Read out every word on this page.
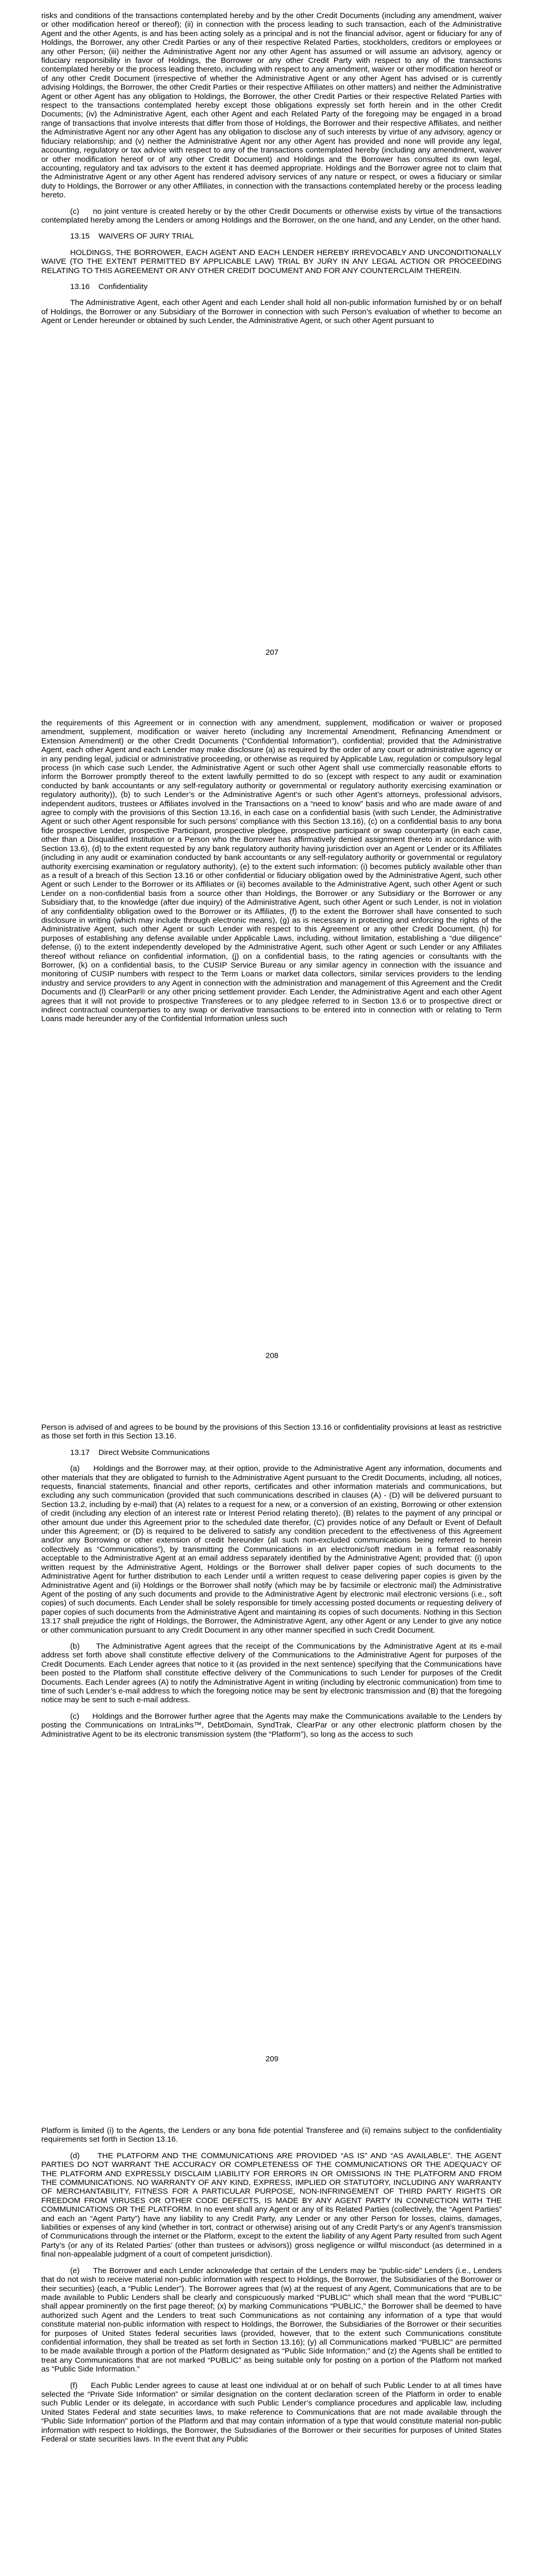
risks and conditions of the transactions contemplated hereby and by the other Credit Documents (including any amendment, waiver or other modification hereof or thereof); (ii) in connection with the process leading to such transaction, each of the Administrative Agent and the other Agents, is and has been acting solely as a principal and is not the financial advisor, agent or fiduciary for any of Holdings, the Borrower, any other Credit Parties or any of their respective Related Parties, stockholders, creditors or employees or any other Person; (iii) neither the Administrative Agent nor any other Agent has assumed or will assume an advisory, agency or fiduciary responsibility in favor of Holdings, the Borrower or any other Credit Party with respect to any of the transactions contemplated hereby or the process leading thereto, including with respect to any amendment, waiver or other modification hereof or of any other Credit Document (irrespective of whether the Administrative Agent or any other Agent has advised or is currently advising Holdings, the Borrower, the other Credit Parties or their respective Affiliates on other matters) and neither the Administrative Agent or other Agent has any obligation to Holdings, the Borrower, the other Credit Parties or their respective Related Parties with respect to the transactions contemplated hereby except those obligations expressly set forth herein and in the other Credit Documents; (iv) the Administrative Agent, each other Agent and each Related Party of the foregoing may be engaged in a broad range of transactions that involve interests that differ from those of Holdings, the Borrower and their respective Affiliates, and neither the Administrative Agent nor any other Agent has any obligation to disclose any of such interests by virtue of any advisory, agency or fiduciary relationship; and (v) neither the Administrative Agent nor any other Agent has provided and none will provide any legal, accounting, regulatory or tax advice with respect to any of the transactions contemplated hereby (including any amendment, waiver or other modification hereof or of any other Credit Document) and Holdings and the Borrower has consulted its own legal, accounting, regulatory and tax advisors to the extent it has deemed appropriate. Holdings and the Borrower agree not to claim that the Administrative Agent or any other Agent has rendered advisory services of any nature or respect, or owes a fiduciary or similar duty to Holdings, the Borrower or any other Affiliates, in connection with the transactions contemplated hereby or the process leading hereto.

(c)     no joint venture is created hereby or by the other Credit Documents or otherwise exists by virtue of the transactions contemplated hereby among the Lenders or among Holdings and the Borrower, on the one hand, and any Lender, on the other hand.

13.15    WAIVERS OF JURY TRIAL

HOLDINGS, THE BORROWER, EACH AGENT AND EACH LENDER HEREBY IRREVOCABLY AND UNCONDITIONALLY WAIVE (TO THE EXTENT PERMITTED BY APPLICABLE LAW) TRIAL BY JURY IN ANY LEGAL ACTION OR PROCEEDING RELATING TO THIS AGREEMENT OR ANY OTHER CREDIT DOCUMENT AND FOR ANY COUNTERCLAIM THEREIN.

13.16    Confidentiality

The Administrative Agent, each other Agent and each Lender shall hold all non-public information furnished by or on behalf of Holdings, the Borrower or any Subsidiary of the Borrower in connection with such Person’s evaluation of whether to become an Agent or Lender hereunder or obtained by such Lender, the Administrative Agent, or such other Agent pursuant to

207

the requirements of this Agreement or in connection with any amendment, supplement, modification or waiver or proposed amendment, supplement, modification or waiver hereto (including any Incremental Amendment, Refinancing Amendment or Extension Amendment) or the other Credit Documents (“Confidential Information”), confidential; provided that the Administrative Agent, each other Agent and each Lender may make disclosure (a) as required by the order of any court or administrative agency or in any pending legal, judicial or administrative proceeding, or otherwise as required by Applicable Law, regulation or compulsory legal process (in which case such Lender, the Administrative Agent or such other Agent shall use commercially reasonable efforts to inform the Borrower promptly thereof to the extent lawfully permitted to do so (except with respect to any audit or examination conducted by bank accountants or any self-regulatory authority or governmental or regulatory authority exercising examination or regulatory authority)), (b) to such Lender’s or the Administrative Agent’s or such other Agent’s attorneys, professional advisors, independent auditors, trustees or Affiliates involved in the Transactions on a “need to know” basis and who are made aware of and agree to comply with the provisions of this Section 13.16, in each case on a confidential basis (with such Lender, the Administrative Agent or such other Agent responsible for such persons’ compliance with this Section 13.16), (c) on a confidential basis to any bona fide prospective Lender, prospective Participant, prospective pledgee, prospective participant or swap counterparty (in each case, other than a Disqualified Institution or a Person who the Borrower has affirmatively denied assignment thereto in accordance with Section 13.6), (d) to the extent requested by any bank regulatory authority having jurisdiction over an Agent or Lender or its Affiliates (including in any audit or examination conducted by bank accountants or any self-regulatory authority or governmental or regulatory authority exercising examination or regulatory authority), (e) to the extent such information: (i) becomes publicly available other than as a result of a breach of this Section 13.16 or other confidential or fiduciary obligation owed by the Administrative Agent, such other Agent or such Lender to the Borrower or its Affiliates or (ii) becomes available to the Administrative Agent, such other Agent or such Lender on a non-confidential basis from a source other than Holdings, the Borrower or any Subsidiary or the Borrower or any Subsidiary that, to the knowledge (after due inquiry) of the Administrative Agent, such other Agent or such Lender, is not in violation of any confidentiality obligation owed to the Borrower or its Affiliates, (f) to the extent the Borrower shall have consented to such disclosure in writing (which may include through electronic means), (g) as is necessary in protecting and enforcing the rights of the Administrative Agent, such other Agent or such Lender with respect to this Agreement or any other Credit Document, (h) for purposes of establishing any defense available under Applicable Laws, including, without limitation, establishing a “due diligence” defense, (i) to the extent independently developed by the Administrative Agent, such other Agent or such Lender or any Affiliates thereof without reliance on confidential information, (j) on a confidential basis, to the rating agencies or consultants with the Borrower, (k) on a confidential basis, to the CUSIP Service Bureau or any similar agency in connection with the issuance and monitoring of CUSIP numbers with respect to the Term Loans or market data collectors, similar services providers to the lending industry and service providers to any Agent in connection with the administration and management of this Agreement and the Credit Documents and (l) ClearPar® or any other pricing settlement provider. Each Lender, the Administrative Agent and each other Agent agrees that it will not provide to prospective Transferees or to any pledgee referred to in Section 13.6 or to prospective direct or indirect contractual counterparties to any swap or derivative transactions to be entered into in connection with or relating to Term Loans made hereunder any of the Confidential Information unless such

208

Person is advised of and agrees to be bound by the provisions of this Section 13.16 or confidentiality provisions at least as restrictive as those set forth in this Section 13.16.

13.17    Direct Website Communications

(a)     Holdings and the Borrower may, at their option, provide to the Administrative Agent any information, documents and other materials that they are obligated to furnish to the Administrative Agent pursuant to the Credit Documents, including, all notices, requests, financial statements, financial and other reports, certificates and other information materials and communications, but excluding any such communication (provided that such communications described in clauses (A) - (D) will be delivered pursuant to Section 13.2, including by e-mail) that (A) relates to a request for a new, or a conversion of an existing, Borrowing or other extension of credit (including any election of an interest rate or Interest Period relating thereto), (B) relates to the payment of any principal or other amount due under this Agreement prior to the scheduled date therefor, (C) provides notice of any Default or Event of Default under this Agreement; or (D) is required to be delivered to satisfy any condition precedent to the effectiveness of this Agreement and/or any Borrowing or other extension of credit hereunder (all such non-excluded communications being referred to herein collectively as “Communications”), by transmitting the Communications in an electronic/soft medium in a format reasonably acceptable to the Administrative Agent at an email address separately identified by the Administrative Agent; provided that: (i) upon written request by the Administrative Agent, Holdings or the Borrower shall deliver paper copies of such documents to the Administrative Agent for further distribution to each Lender until a written request to cease delivering paper copies is given by the Administrative Agent and (ii) Holdings or the Borrower shall notify (which may be by facsimile or electronic mail) the Administrative Agent of the posting of any such documents and provide to the Administrative Agent by electronic mail electronic versions (i.e., soft copies) of such documents. Each Lender shall be solely responsible for timely accessing posted documents or requesting delivery of paper copies of such documents from the Administrative Agent and maintaining its copies of such documents. Nothing in this Section 13.17 shall prejudice the right of Holdings, the Borrower, the Administrative Agent, any other Agent or any Lender to give any notice or other communication pursuant to any Credit Document in any other manner specified in such Credit Document.

(b)     The Administrative Agent agrees that the receipt of the Communications by the Administrative Agent at its e-mail address set forth above shall constitute effective delivery of the Communications to the Administrative Agent for purposes of the Credit Documents. Each Lender agrees that notice to it (as provided in the next sentence) specifying that the Communications have been posted to the Platform shall constitute effective delivery of the Communications to such Lender for purposes of the Credit Documents. Each Lender agrees (A) to notify the Administrative Agent in writing (including by electronic communication) from time to time of such Lender’s e-mail address to which the foregoing notice may be sent by electronic transmission and (B) that the foregoing notice may be sent to such e-mail address.

(c)     Holdings and the Borrower further agree that the Agents may make the Communications available to the Lenders by posting the Communications on IntraLinks™, DebtDomain, SyndTrak, ClearPar or any other electronic platform chosen by the Administrative Agent to be its electronic transmission system (the “Platform”), so long as the access to such

209

Platform is limited (i) to the Agents, the Lenders or any bona fide potential Transferee and (ii) remains subject to the confidentiality requirements set forth in Section 13.16.

(d)     THE PLATFORM AND THE COMMUNICATIONS ARE PROVIDED “AS IS” AND “AS AVAILABLE”. THE AGENT PARTIES DO NOT WARRANT THE ACCURACY OR COMPLETENESS OF THE COMMUNICATIONS OR THE ADEQUACY OF THE PLATFORM AND EXPRESSLY DISCLAIM LIABILITY FOR ERRORS IN OR OMISSIONS IN THE PLATFORM AND FROM THE COMMUNICATIONS. NO WARRANTY OF ANY KIND, EXPRESS, IMPLIED OR STATUTORY, INCLUDING ANY WARRANTY OF MERCHANTABILITY, FITNESS FOR A PARTICULAR PURPOSE, NON-INFRINGEMENT OF THIRD PARTY RIGHTS OR FREEDOM FROM VIRUSES OR OTHER CODE DEFECTS, IS MADE BY ANY AGENT PARTY IN CONNECTION WITH THE COMMUNICATIONS OR THE PLATFORM. In no event shall any Agent or any of its Related Parties (collectively, the “Agent Parties” and each an “Agent Party”) have any liability to any Credit Party, any Lender or any other Person for losses, claims, damages, liabilities or expenses of any kind (whether in tort, contract or otherwise) arising out of any Credit Party’s or any Agent’s transmission of Communications through the internet or the Platform, except to the extent the liability of any Agent Party resulted from such Agent Party’s (or any of its Related Parties’ (other than trustees or advisors)) gross negligence or willful misconduct (as determined in a final non-appealable judgment of a court of competent jurisdiction).

(e)     The Borrower and each Lender acknowledge that certain of the Lenders may be “public-side” Lenders (i.e., Lenders that do not wish to receive material non-public information with respect to Holdings, the Borrower, the Subsidiaries of the Borrower or their securities) (each, a “Public Lender”). The Borrower agrees that (w) at the request of any Agent, Communications that are to be made available to Public Lenders shall be clearly and conspicuously marked “PUBLIC” which shall mean that the word “PUBLIC” shall appear prominently on the first page thereof; (x) by marking Communications “PUBLIC,” the Borrower shall be deemed to have authorized such Agent and the Lenders to treat such Communications as not containing any information of a type that would constitute material non-public information with respect to Holdings, the Borrower, the Subsidiaries of the Borrower or their securities for purposes of United States federal securities laws (provided, however, that to the extent such Communications constitute confidential information, they shall be treated as set forth in Section 13.16); (y) all Communications marked “PUBLIC” are permitted to be made available through a portion of the Platform designated as “Public Side Information;” and (z) the Agents shall be entitled to treat any Communications that are not marked “PUBLIC” as being suitable only for posting on a portion of the Platform not marked as “Public Side Information.”

(f)     Each Public Lender agrees to cause at least one individual at or on behalf of such Public Lender to at all times have selected the “Private Side Information” or similar designation on the content declaration screen of the Platform in order to enable such Public Lender or its delegate, in accordance with such Public Lender’s compliance procedures and applicable law, including United States Federal and state securities laws, to make reference to Communications that are not made available through the “Public Side Information” portion of the Platform and that may contain information of a type that would constitute material non-public information with respect to Holdings, the Borrower, the Subsidiaries of the Borrower or their securities for purposes of United States Federal or state securities laws. In the event that any Public
